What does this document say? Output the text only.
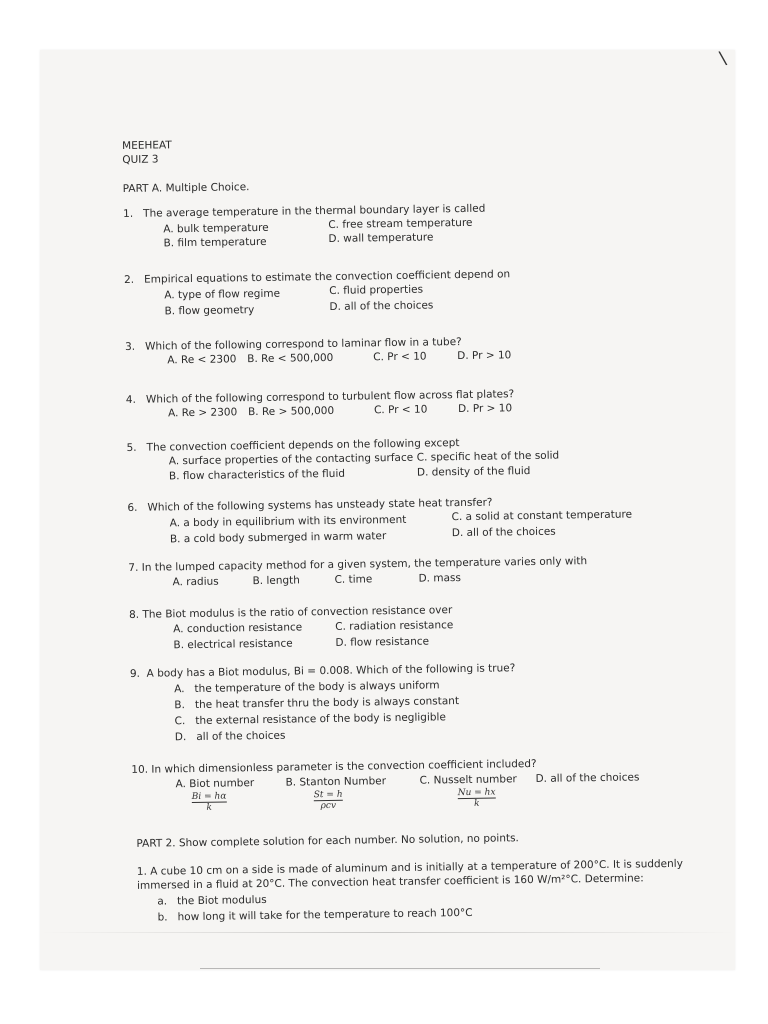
\

MEEHEAT

QUIZ 3

PART A. Multiple Choice.

1. The average temperature in the thermal boundary layer is called
A. bulk temperature
B. film temperature
C. free stream temperature
D. wall temperature
2. Empirical equations to estimate the convection coefficient depend on
A. type of flow regime
B. flow geometry
C. fluid properties
D. all of the choices
3. Which of the following correspond to laminar flow in a tube?
A. Re < 2300 B. Re < 500,000	C. Pr < 10	D. Pr > 10
4. Which of the following correspond to turbulent flow across flat plates?
A. Re > 2300 B. Re > 500,000	C. Pr < 10	D. Pr > 10
5. The convection coefficient depends on the following except
A. surface properties of the contacting surface
B. flow characteristics of the fluid
C. specific heat of the solid
D. density of the fluid
6. Which of the following systems has unsteady state heat transfer?
A. a body in equilibrium with its environment
B. a cold body submerged in warm water
C. a solid at constant temperature
D. all of the choices
7. In the lumped capacity method for a given system, the temperature varies only with
A. radius	B. length	C. time	D. mass
8. The Biot modulus is the ratio of convection resistance over
A. conduction resistance
B. electrical resistance
C. radiation resistance
D. flow resistance
9. A body has a Biot modulus, Bi = 0.008. Which of the following is true?
A. the temperature of the body is always uniform
B. the heat transfer thru the body is always constant
C. the external resistance of the body is negligible
D. all of the choices
10. In which dimensionless parameter is the convection coefficient included?
A. Biot number	B. Stanton Number	C. Nusselt number D. all of the choices
Bi = hα
k
St = h
ρcv
Nu = hx
k
PART 2. Show complete solution for each number. No solution, no points.
1. A cube 10 cm on a side is made of aluminum and is initially at a temperature of 200°C. It is suddenly
immersed in a fluid at 20°C. The convection heat transfer coefficient is 160 W/m²°C. Determine:
a. the Biot modulus
b. how long it will take for the temperature to reach 100°C
